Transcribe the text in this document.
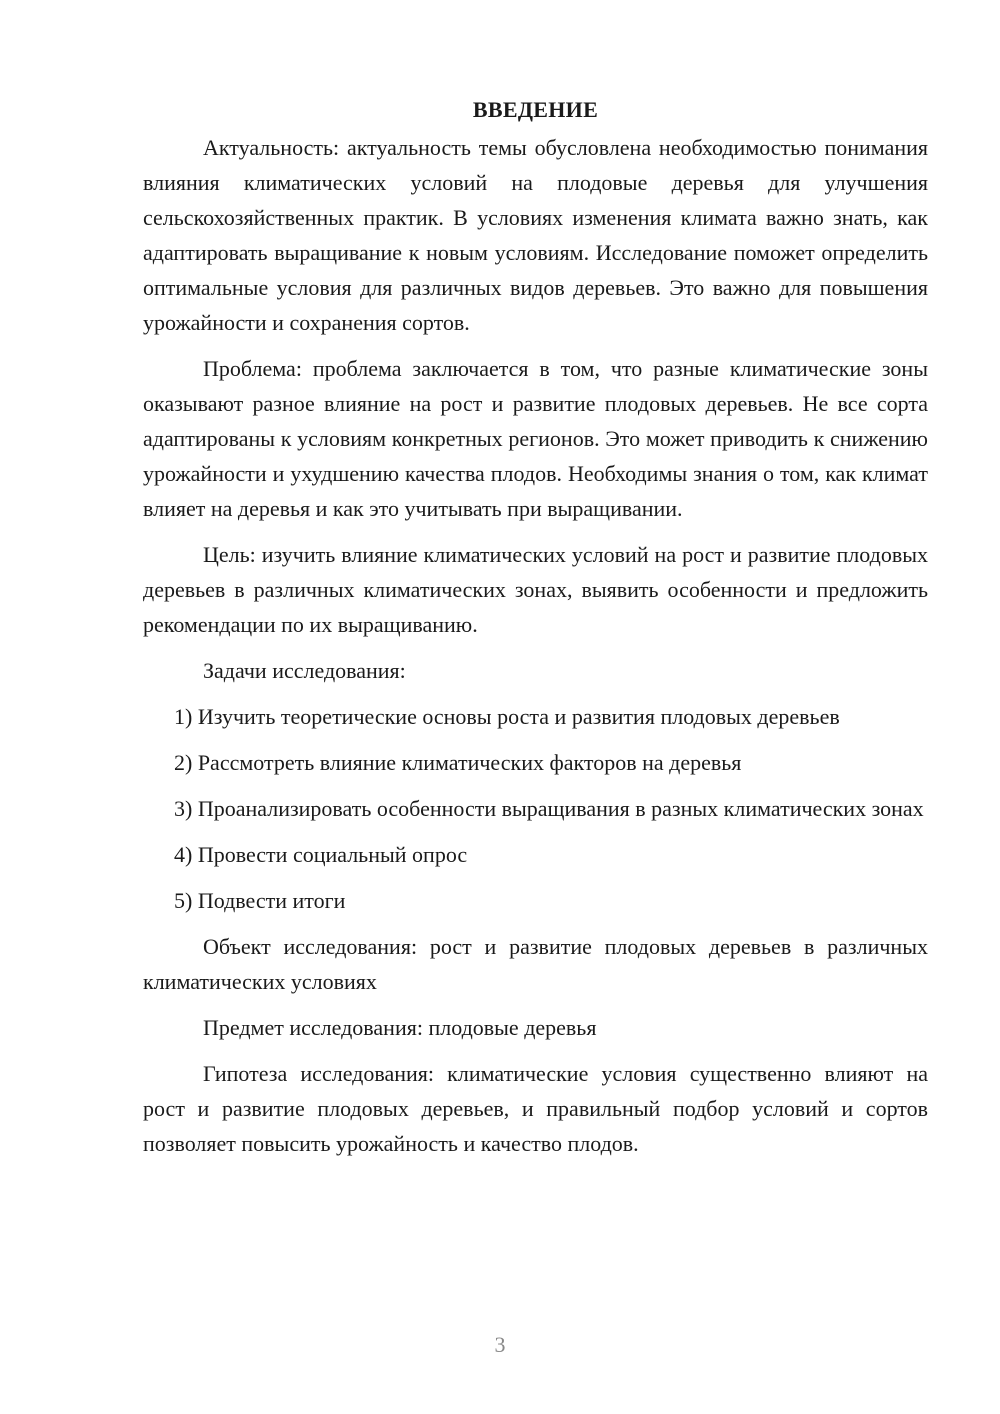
ВВЕДЕНИЕ

Актуальность: актуальность темы обусловлена необходимостью понимания влияния климатических условий на плодовые деревья для улучшения сельскохозяйственных практик. В условиях изменения климата важно знать, как адаптировать выращивание к новым условиям. Исследование поможет определить оптимальные условия для различных видов деревьев. Это важно для повышения урожайности и сохранения сортов.

Проблема: проблема заключается в том, что разные климатические зоны оказывают разное влияние на рост и развитие плодовых деревьев. Не все сорта адаптированы к условиям конкретных регионов. Это может приводить к снижению урожайности и ухудшению качества плодов. Необходимы знания о том, как климат влияет на деревья и как это учитывать при выращивании.

Цель: изучить влияние климатических условий на рост и развитие плодовых деревьев в различных климатических зонах, выявить особенности и предложить рекомендации по их выращиванию.

Задачи исследования:

1) Изучить теоретические основы роста и развития плодовых деревьев

2) Рассмотреть влияние климатических факторов на деревья

3) Проанализировать особенности выращивания в разных климатических зонах

4) Провести социальный опрос

5) Подвести итоги

Объект исследования: рост и развитие плодовых деревьев в различных климатических условиях

Предмет исследования: плодовые деревья

Гипотеза исследования: климатические условия существенно влияют на рост и развитие плодовых деревьев, и правильный подбор условий и сортов позволяет повысить урожайность и качество плодов.

3
